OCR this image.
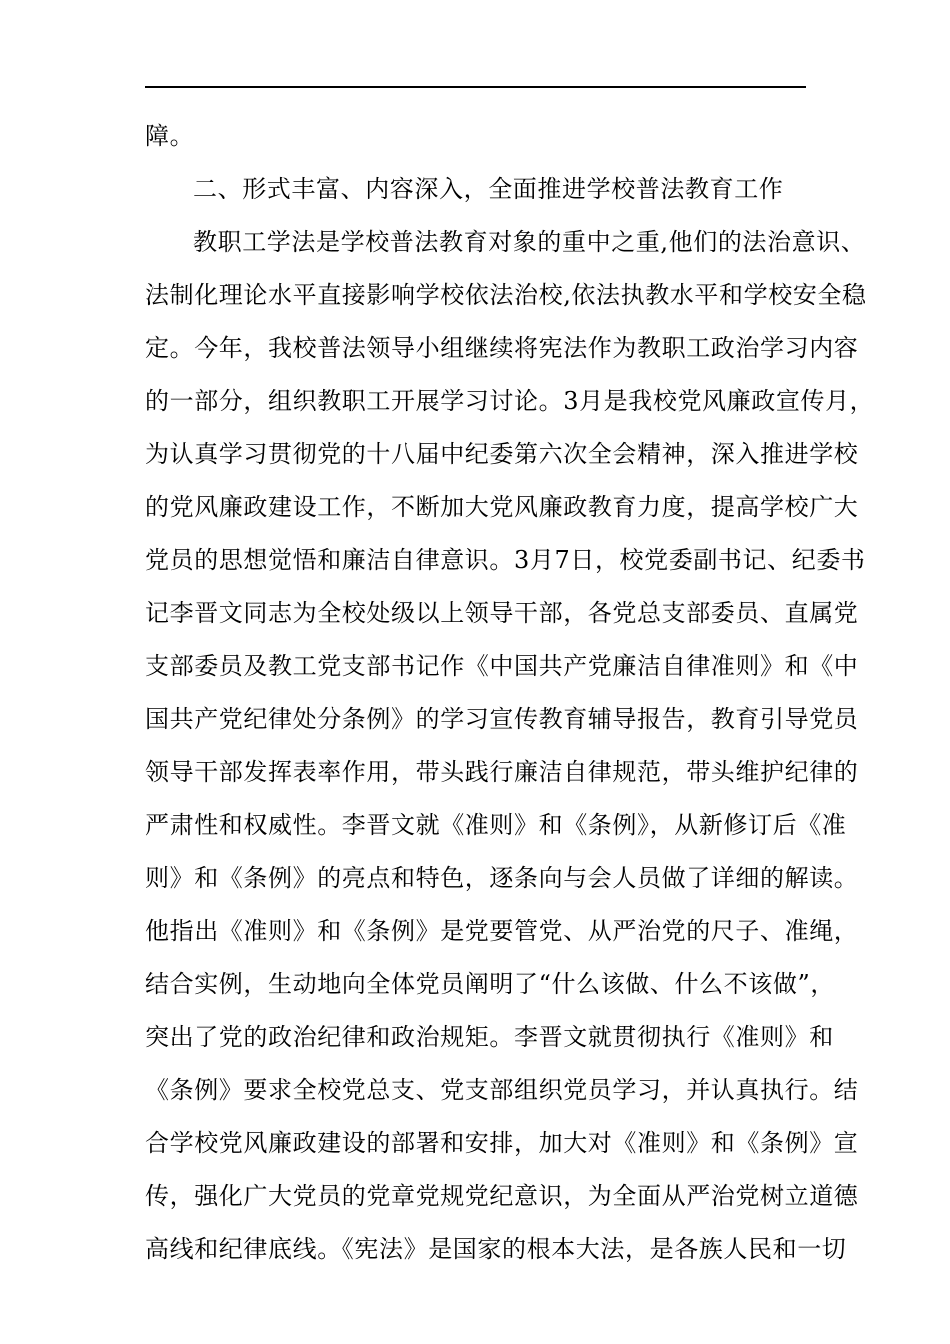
障。
二、形式丰富、内容深入，全面推进学校普法教育工作
教职工学法是学校普法教育对象的重中之重,他们的法治意识、
法制化理论水平直接影响学校依法治校,依法执教水平和学校安全稳
定。今年，我校普法领导小组继续将宪法作为教职工政治学习内容
的一部分，组织教职工开展学习讨论。3月是我校党风廉政宣传月，
为认真学习贯彻党的十八届中纪委第六次全会精神，深入推进学校
的党风廉政建设工作，不断加大党风廉政教育力度，提高学校广大
党员的思想觉悟和廉洁自律意识。3月7日，校党委副书记、纪委书
记李晋文同志为全校处级以上领导干部，各党总支部委员、直属党
支部委员及教工党支部书记作《中国共产党廉洁自律准则》和《中
国共产党纪律处分条例》的学习宣传教育辅导报告，教育引导党员
领导干部发挥表率作用，带头践行廉洁自律规范，带头维护纪律的
严肃性和权威性。李晋文就《准则》和《条例》，从新修订后《准
则》和《条例》的亮点和特色，逐条向与会人员做了详细的解读。
他指出《准则》和《条例》是党要管党、从严治党的尺子、准绳，
结合实例，生动地向全体党员阐明了“什么该做、什么不该做”，
突出了党的政治纪律和政治规矩。李晋文就贯彻执行《准则》和
《条例》要求全校党总支、党支部组织党员学习，并认真执行。结
合学校党风廉政建设的部署和安排，加大对《准则》和《条例》宣
传，强化广大党员的党章党规党纪意识，为全面从严治党树立道德
高线和纪律底线。《宪法》是国家的根本大法，是各族人民和一切
